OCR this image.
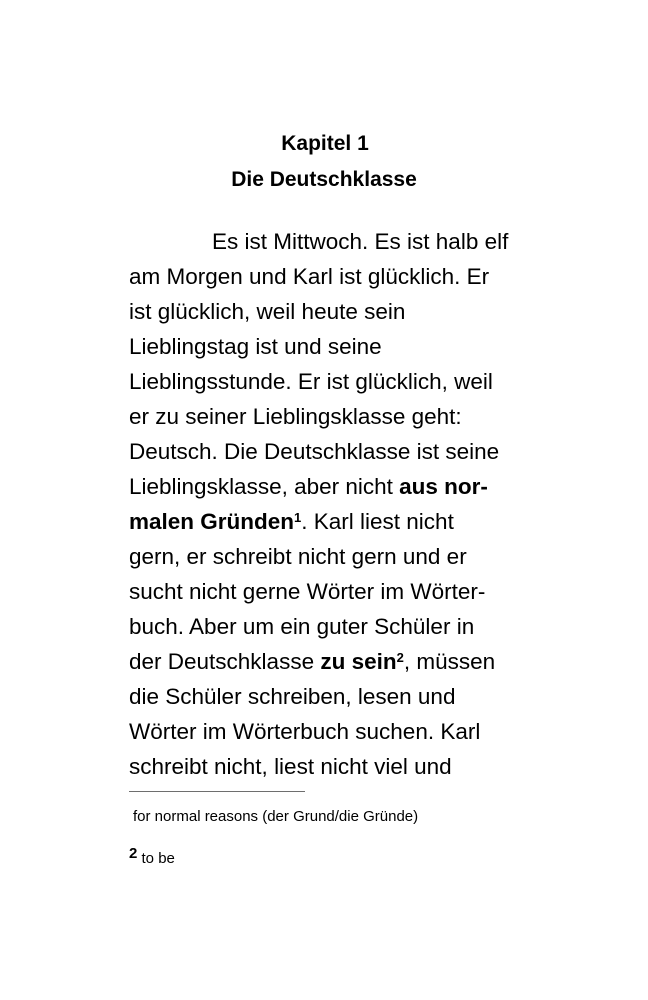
Kapitel 1
Die Deutschklasse
Es ist Mittwoch. Es ist halb elf
am Morgen und Karl ist glücklich. Er
ist glücklich, weil heute sein
Lieblingstag ist und seine
Lieblingsstunde. Er ist glücklich, weil
er zu seiner Lieblingsklasse geht:
Deutsch. Die Deutschklasse ist seine
Lieblingsklasse, aber nicht aus nor-
malen Gründen$^1$. Karl liest nicht
gern, er schreibt nicht gern und er
sucht nicht gerne Wörter im Wörter-
buch. Aber um ein guter Schüler in
der Deutschklasse zu sein$^2$, müssen
die Schüler schreiben, lesen und
Wörter im Wörterbuch suchen. Karl
schreibt nicht, liest nicht viel und
for normal reasons (der Grund/die Gründe)
2 to be
